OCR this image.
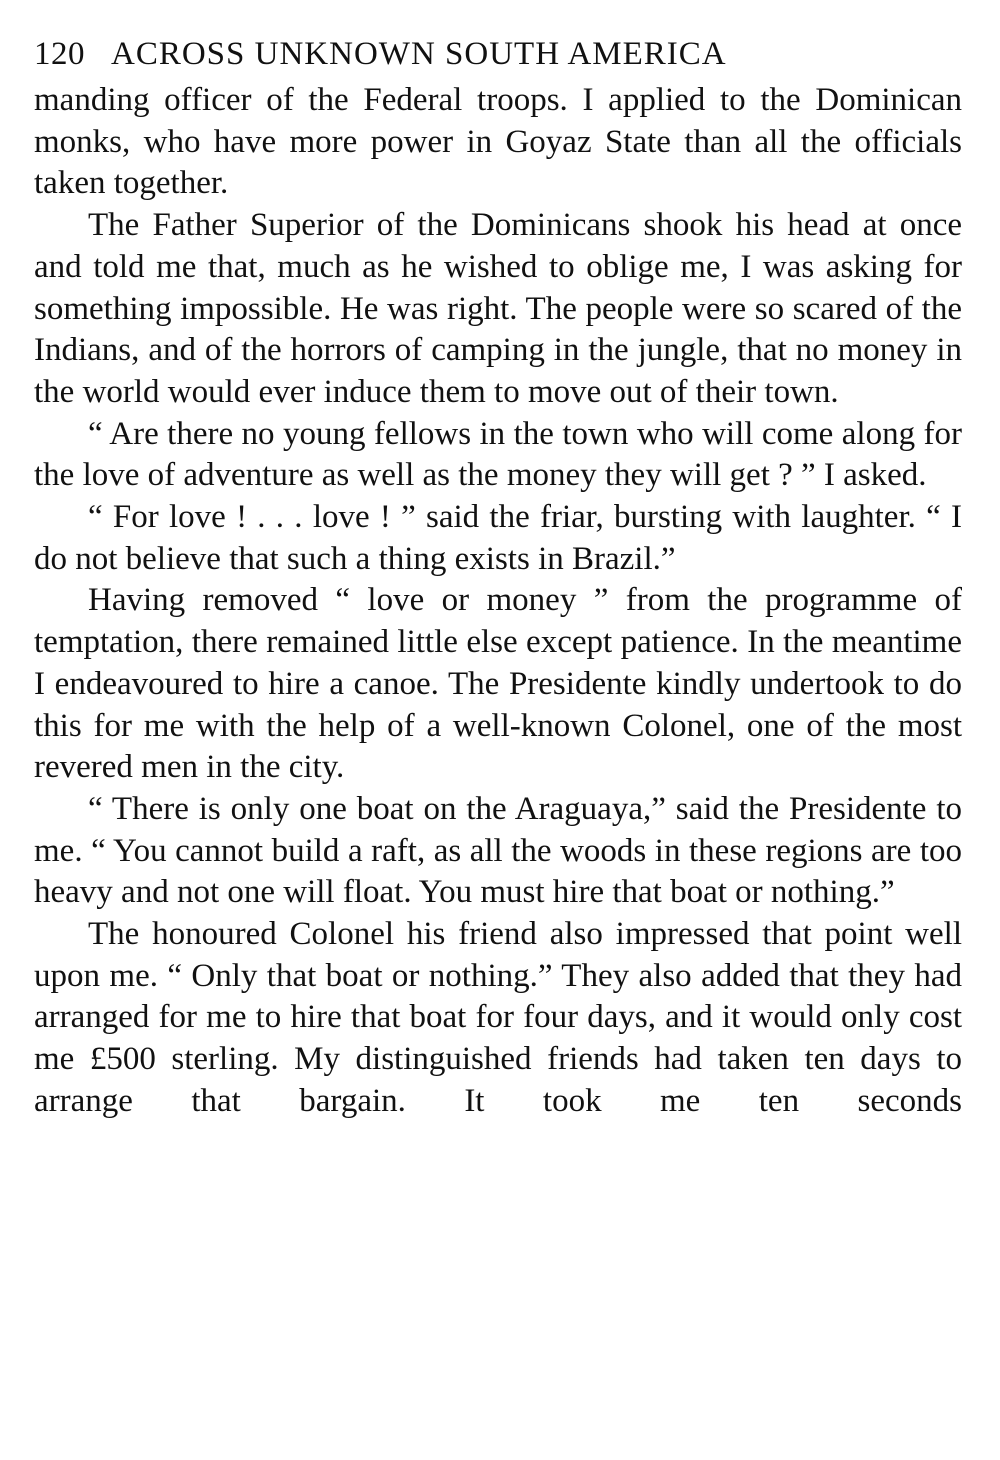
120 ACROSS UNKNOWN SOUTH AMERICA

manding officer of the Federal troops. I applied to the Dominican monks, who have more power in Goyaz State than all the officials taken together.

The Father Superior of the Dominicans shook his head at once and told me that, much as he wished to oblige me, I was asking for something impossible. He was right. The people were so scared of the Indians, and of the horrors of camping in the jungle, that no money in the world would ever induce them to move out of their town.

“ Are there no young fellows in the town who will come along for the love of adventure as well as the money they will get ? ” I asked.

“ For love ! . . . love ! ” said the friar, bursting with laughter. “ I do not believe that such a thing exists in Brazil.”

Having removed “ love or money ” from the programme of temptation, there remained little else except patience. In the meantime I endeavoured to hire a canoe. The Presidente kindly undertook to do this for me with the help of a well-known Colonel, one of the most revered men in the city.

“ There is only one boat on the Araguaya,” said the Presidente to me. “ You cannot build a raft, as all the woods in these regions are too heavy and not one will float. You must hire that boat or nothing.”

The honoured Colonel his friend also impressed that point well upon me. “ Only that boat or nothing.” They also added that they had arranged for me to hire that boat for four days, and it would only cost me £500 sterling. My distinguished friends had taken ten days to arrange that bargain. It took me ten seconds
